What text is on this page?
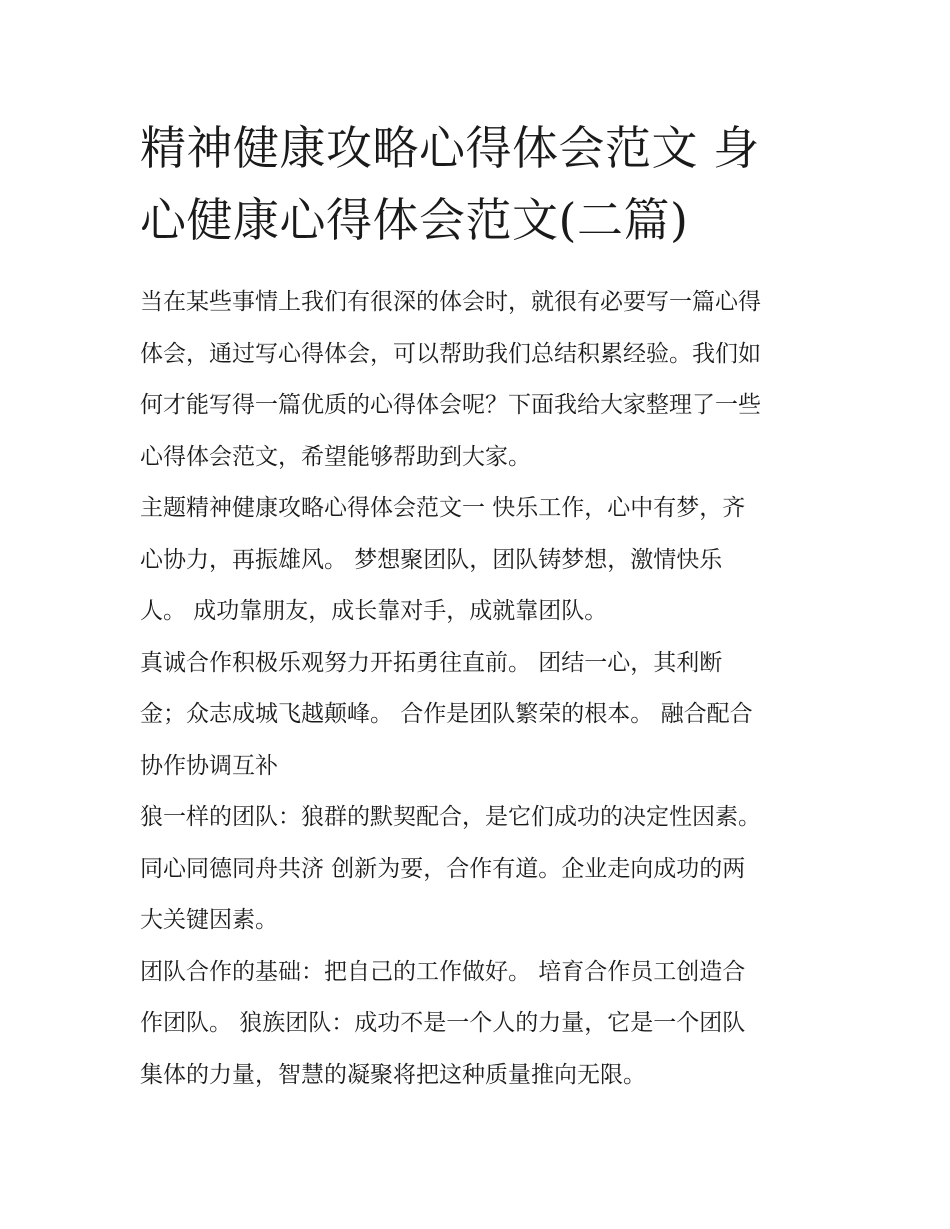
精神健康攻略心得体会范文 身
心健康心得体会范文(二篇)
当在某些事情上我们有很深的体会时，就很有必要写一篇心得
体会，通过写心得体会，可以帮助我们总结积累经验。我们如
何才能写得一篇优质的心得体会呢？下面我给大家整理了一些
心得体会范文，希望能够帮助到大家。
主题精神健康攻略心得体会范文一 快乐工作，心中有梦，齐
心协力，再振雄风。 梦想聚团队，团队铸梦想，激情快乐
人。 成功靠朋友，成长靠对手，成就靠团队。
真诚合作积极乐观努力开拓勇往直前。 团结一心，其利断
金；众志成城飞越颠峰。 合作是团队繁荣的根本。 融合配合
协作协调互补
狼一样的团队：狼群的默契配合，是它们成功的决定性因素。
同心同德同舟共济 创新为要，合作有道。企业走向成功的两
大关键因素。
团队合作的基础：把自己的工作做好。 培育合作员工创造合
作团队。 狼族团队：成功不是一个人的力量，它是一个团队
集体的力量，智慧的凝聚将把这种质量推向无限。
